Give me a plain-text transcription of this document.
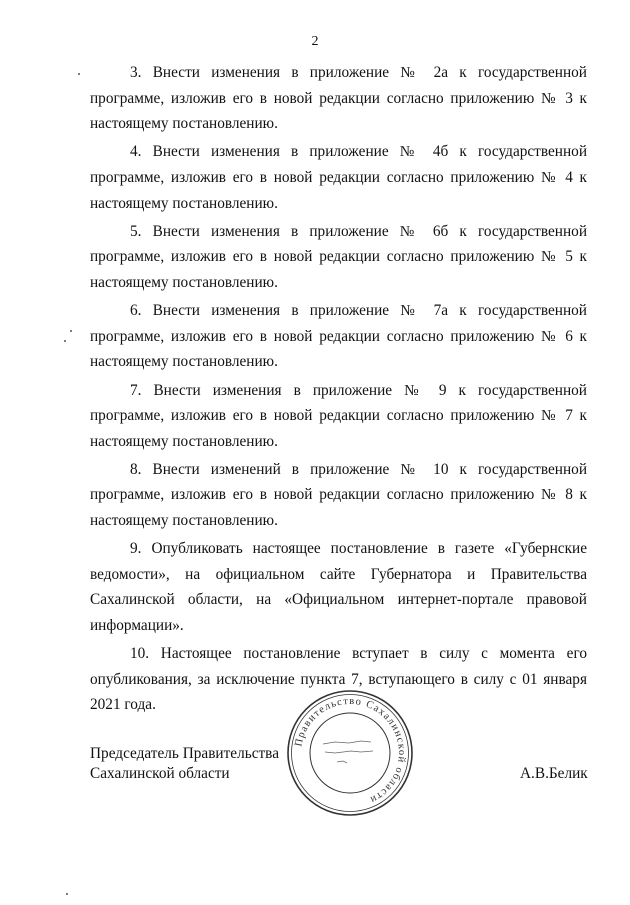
2

3. Внести изменения в приложение № 2а к государственной программе, изложив его в новой редакции согласно приложению № 3 к настоящему постановлению.

4. Внести изменения в приложение № 4б к государственной программе, изложив его в новой редакции согласно приложению № 4 к настоящему постановлению.

5. Внести изменения в приложение № 6б к государственной программе, изложив его в новой редакции согласно приложению № 5 к настоящему постановлению.

6. Внести изменения в приложение № 7а к государственной программе, изложив его в новой редакции согласно приложению № 6 к настоящему постановлению.

7. Внести изменения в приложение № 9 к государственной программе, изложив его в новой редакции согласно приложению № 7 к настоящему постановлению.

8. Внести изменений в приложение № 10 к государственной программе, изложив его в новой редакции согласно приложению № 8 к настоящему постановлению.

9. Опубликовать настоящее постановление в газете «Губернские ведомости», на официальном сайте Губернатора и Правительства Сахалинской области, на «Официальном интернет-портале правовой информации».

10. Настоящее постановление вступает в силу с момента его опубликования, за исключение пункта 7, вступающего в силу с 01 января 2021 года.

Председатель Правительства
Сахалинской области	А.В.Белик
Правительство Сахалинской области
